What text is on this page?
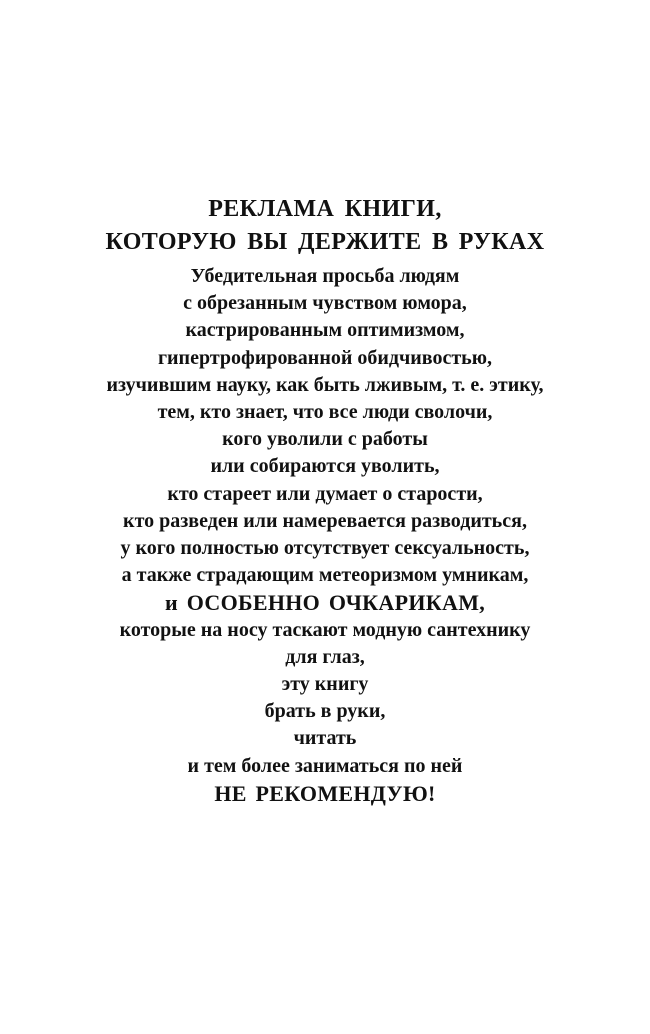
РЕКЛАМА КНИГИ,
КОТОРУЮ ВЫ ДЕРЖИТЕ В РУКАХ
Убедительная просьба людям
с обрезанным чувством юмора,
кастрированным оптимизмом,
гипертрофированной обидчивостью,
изучившим науку, как быть лживым, т. е. этику,
тем, кто знает, что все люди сволочи,
кого уволили с работы
или собираются уволить,
кто стареет или думает о старости,
кто разведен или намеревается разводиться,
у кого полностью отсутствует сексуальность,
а также страдающим метеоризмом умникам,
и ОСОБЕННО ОЧКАРИКАМ,
которые на носу таскают модную сантехнику
для глаз,
эту книгу
брать в руки,
читать
и тем более заниматься по ней
НЕ РЕКОМЕНДУЮ!
